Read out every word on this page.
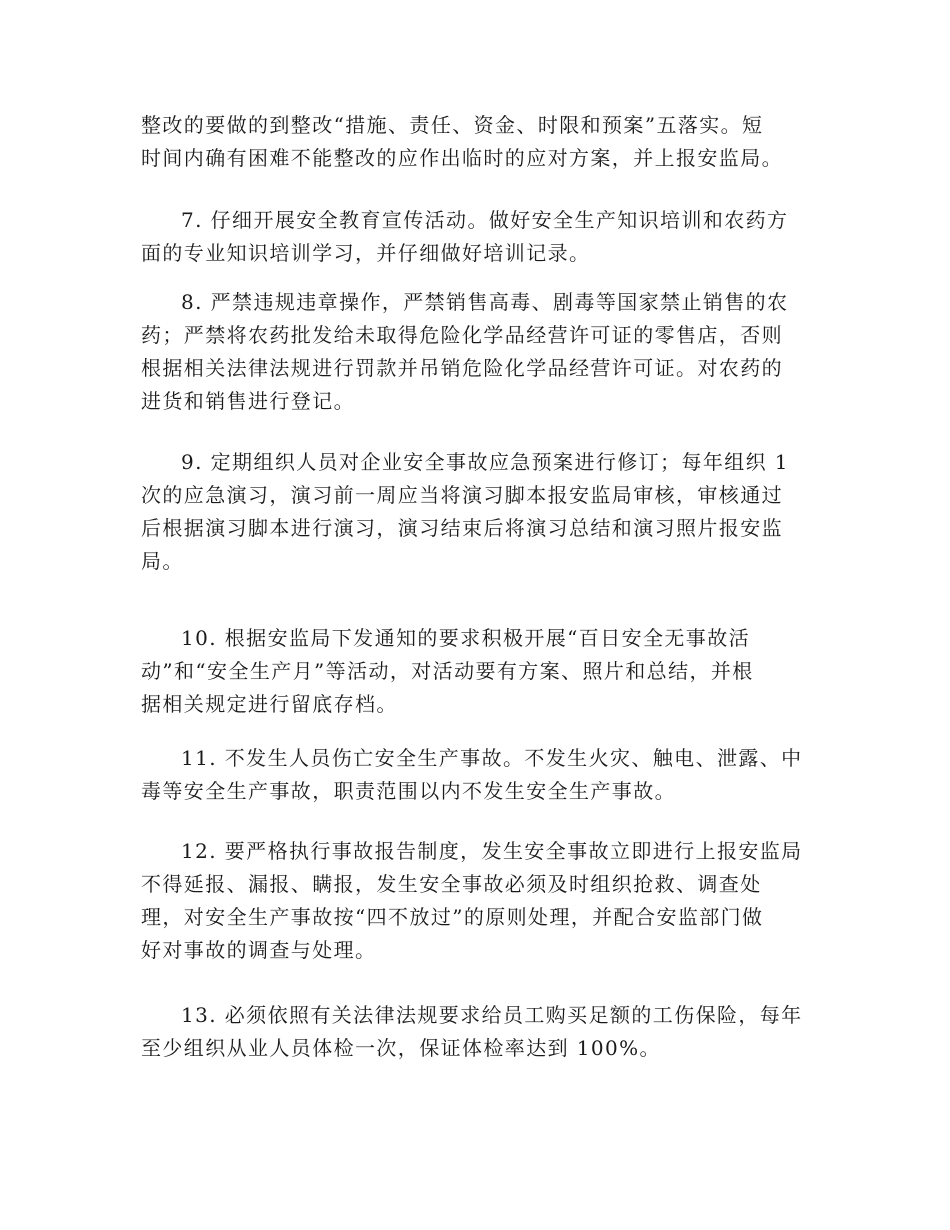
整改的要做的到整改“措施、责任、资金、时限和预案”五落实。短
时间内确有困难不能整改的应作出临时的应对方案，并上报安监局。

7. 仔细开展安全教育宣传活动。做好安全生产知识培训和农药方
面的专业知识培训学习，并仔细做好培训记录。

8. 严禁违规违章操作，严禁销售高毒、剧毒等国家禁止销售的农
药；严禁将农药批发给未取得危险化学品经营许可证的零售店，否则
根据相关法律法规进行罚款并吊销危险化学品经营许可证。对农药的
进货和销售进行登记。

9. 定期组织人员对企业安全事故应急预案进行修订；每年组织 1
次的应急演习，演习前一周应当将演习脚本报安监局审核，审核通过
后根据演习脚本进行演习，演习结束后将演习总结和演习照片报安监
局。

10. 根据安监局下发通知的要求积极开展“百日安全无事故活
动”和“安全生产月”等活动，对活动要有方案、照片和总结，并根
据相关规定进行留底存档。

11. 不发生人员伤亡安全生产事故。不发生火灾、触电、泄露、中
毒等安全生产事故，职责范围以内不发生安全生产事故。

12. 要严格执行事故报告制度，发生安全事故立即进行上报安监局
不得延报、漏报、瞒报，发生安全事故必须及时组织抢救、调查处
理，对安全生产事故按“四不放过”的原则处理，并配合安监部门做
好对事故的调查与处理。

13. 必须依照有关法律法规要求给员工购买足额的工伤保险，每年
至少组织从业人员体检一次，保证体检率达到 100%。
